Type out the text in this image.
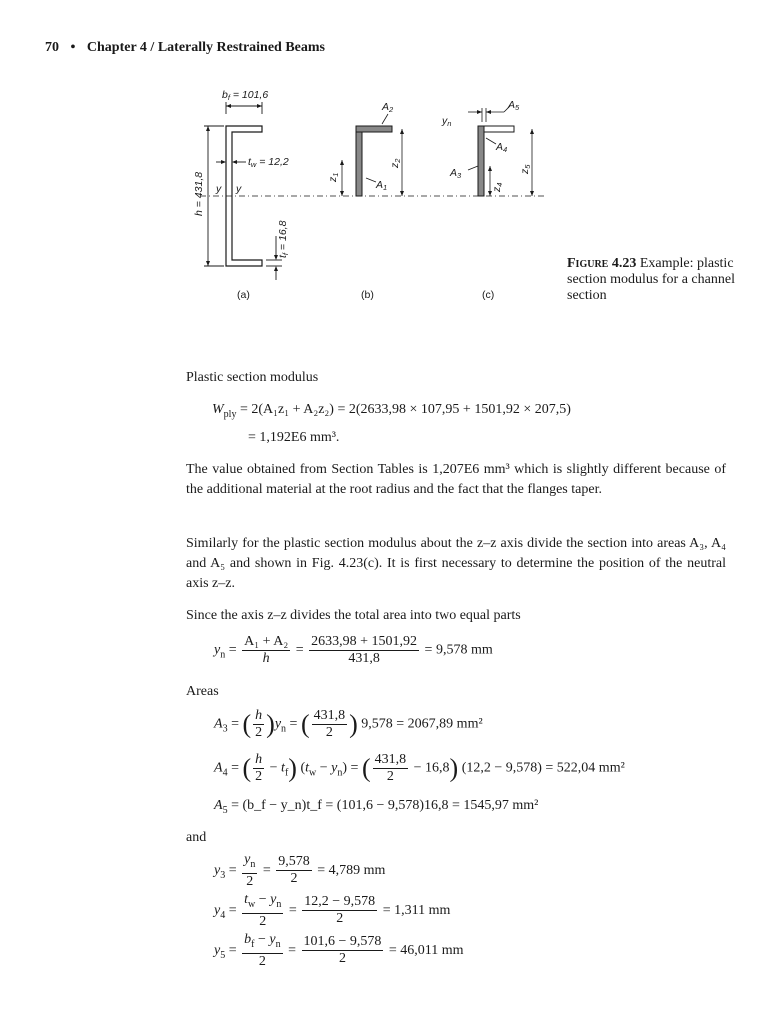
70 • Chapter 4 / Laterally Restrained Beams
bf = 101,6
h = 431,8
tw = 12,2
tf = 16,8
y y
(a)
A2
A1
z1
z2
(b)
yn
A5
A4
A3
z4
z5
(c)
Figure 4.23 Example: plastic section modulus for a channel section

Plastic section modulus

$W_{ply} = 2(A_1z_1 + A_2z_2) = 2(2633,98 \times 107,95 + 1501,92 \times 207,5)$
= 1,192E6 mm³.
The value obtained from Section Tables is 1,207E6 mm³ which is slightly different because of the additional material at the root radius and the fact that the flanges taper.
Similarly for the plastic section modulus about the z–z axis divide the section into areas A₃, A₄ and A₅ and shown in Fig. 4.23(c). It is first necessary to determine the position of the neutral axis z–z.
Since the axis z–z divides the total area into two equal parts
$y_n = \frac{\text{A₁ + A₂}}{h} = \frac{2633,98 + 1501,92}{431,8} = 9,578$ mm
Areas
$A_3$ = ( $\frac{h}{2} )y_n$ = ( $\frac{431,8}{2}$ ) 9,578 = 2067,89 mm²
$A_4$ = ( $\frac{h}{2} - t_f$) $(t_w - y_n)$ = ( $\frac{431,8}{2} - 16,8$) (12,2 − 9,578) = 522,04 mm²
$A_5$ = (b_f − y_n)t_f = (101,6 − 9,578)16,8 = 1545,97 mm²
and
$y_3 = \frac{y_n}{2} = \frac{9,578}{2} = 4,789$ mm
$y_4 = \frac{t_w - y_n}{2} = \frac{12,2 - 9,578}{2} = 1,311$ mm
$y_5 = \frac{b_f - y_n}{2} = \frac{101,6 - 9,578}{2} = 46,011$ mm
